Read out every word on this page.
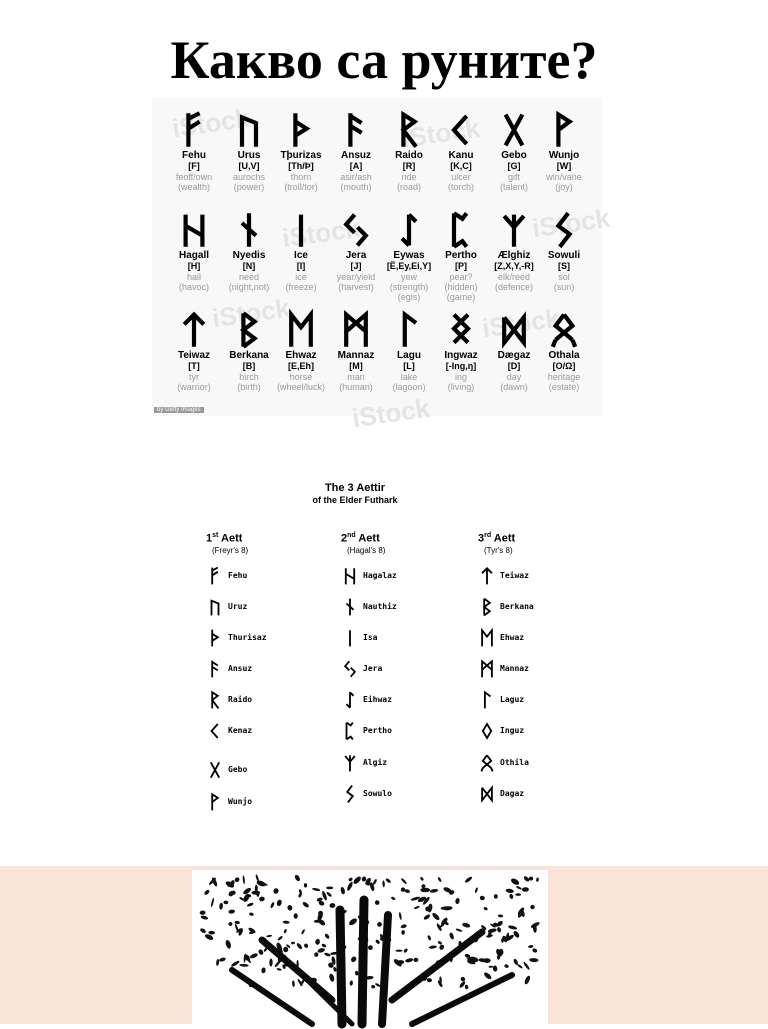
Какво са руните?
by Getty Images
iStock
iStock
iStock
iStock
iStock
iStock
iStock
Fehu
[F]
feoff/own
(wealth)
Urus
[U,V]
aurochs
(power)
Tþurizas
[Th/Þ]
thorn
(troll/tor)
Ansuz
[A]
asir/ash
(mouth)
Raido
[R]
ride
(road)
Kanu
[K,C]
ulcer
(torch)
Gebo
[G]
gift
(talent)
Wunjo
[W]
win/vane
(joy)
Hagall
[H]
hail
(havoc)
Nyedis
[N]
need
(night,not)
Ice
[I]
ice
(freeze)
Jera
[J]
year/yield
(harvest)
Eywas
[Ë,Ey,Ei,Y]
yew
(strength)
(egis)
Pertho
[P]
pear?
(hidden)
(game)
Ælghiz
[Z,X,Y,-R]
elk/reed
(defence)
Sowuli
[S]
sol
(sun)
Teiwaz
[T]
tyr
(warrior)
Berkana
[B]
birch
(birth)
Ehwaz
[E,Eh]
horse
(wheel/luck)
Mannaz
[M]
man
(human)
Lagu
[L]
lake
(lagoon)
Ingwaz
[-Ing,ŋ]
ing
(living)
Dægaz
[D]
day
(dawn)
Othala
[O/Ω]
heritage
(estate)
The 3 Aettir
of the Elder Futhark
1st Aett
(Freyr's 8)
Fehu
Uruz
Thurisaz
Ansuz
Raido
Kenaz
Gebo
Wunjo
2nd Aett
(Hagal's 8)
Hagalaz
Nauthiz
Isa
Jera
Eihwaz
Pertho
Algiz
Sowulo
3rd Aett
(Tyr's 8)
Teiwaz
Berkana
Ehwaz
Mannaz
Laguz
Inguz
Othila
Dagaz
